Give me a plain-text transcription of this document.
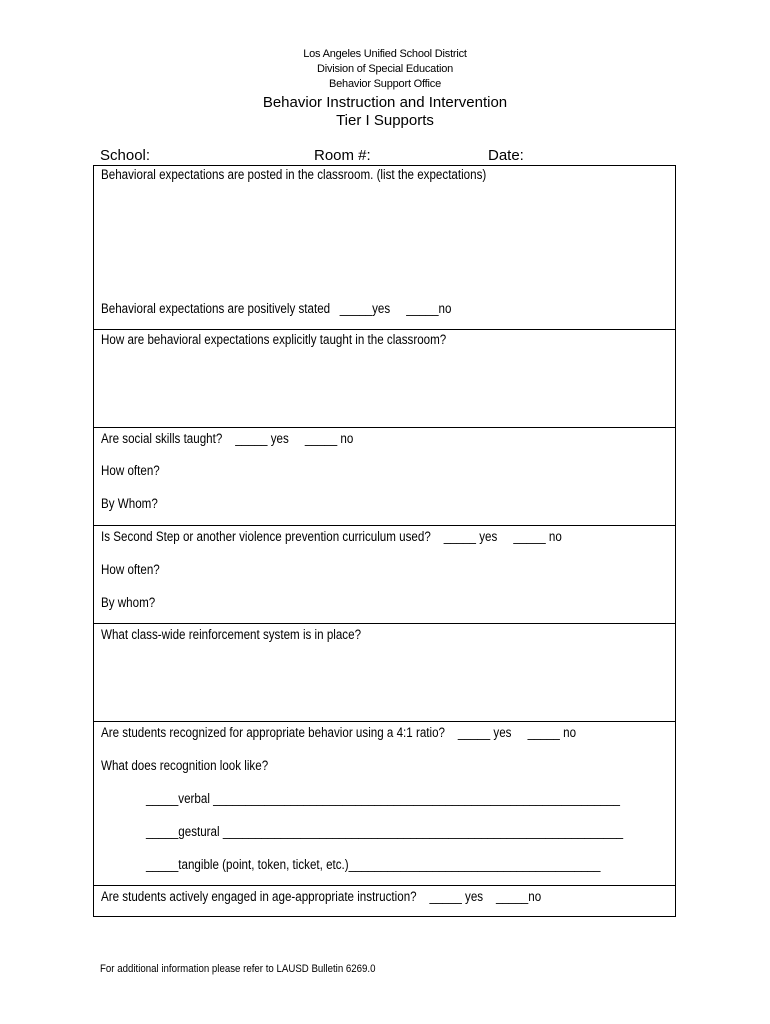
Los Angeles Unified School District
Division of Special Education
Behavior Support Office
Behavior Instruction and Intervention
Tier I Supports
School:	Room #:	Date:
Behavioral expectations are posted in the classroom. (list the expectations)
Behavioral expectations are positively stated   _____yes     _____no
How are behavioral expectations explicitly taught in the classroom?
Are social skills taught?    _____ yes     _____ no
How often?
By Whom?
Is Second Step or another violence prevention curriculum used?    _____ yes     _____ no
How often?
By whom?
What class-wide reinforcement system is in place?
Are students recognized for appropriate behavior using a 4:1 ratio?    _____ yes     _____ no
What does recognition look like?
_____verbal _______________________________________________________________
_____gestural ______________________________________________________________
_____tangible (point, token, ticket, etc.)_______________________________________
Are students actively engaged in age-appropriate instruction?    _____ yes    _____no
For additional information please refer to LAUSD Bulletin 6269.0
